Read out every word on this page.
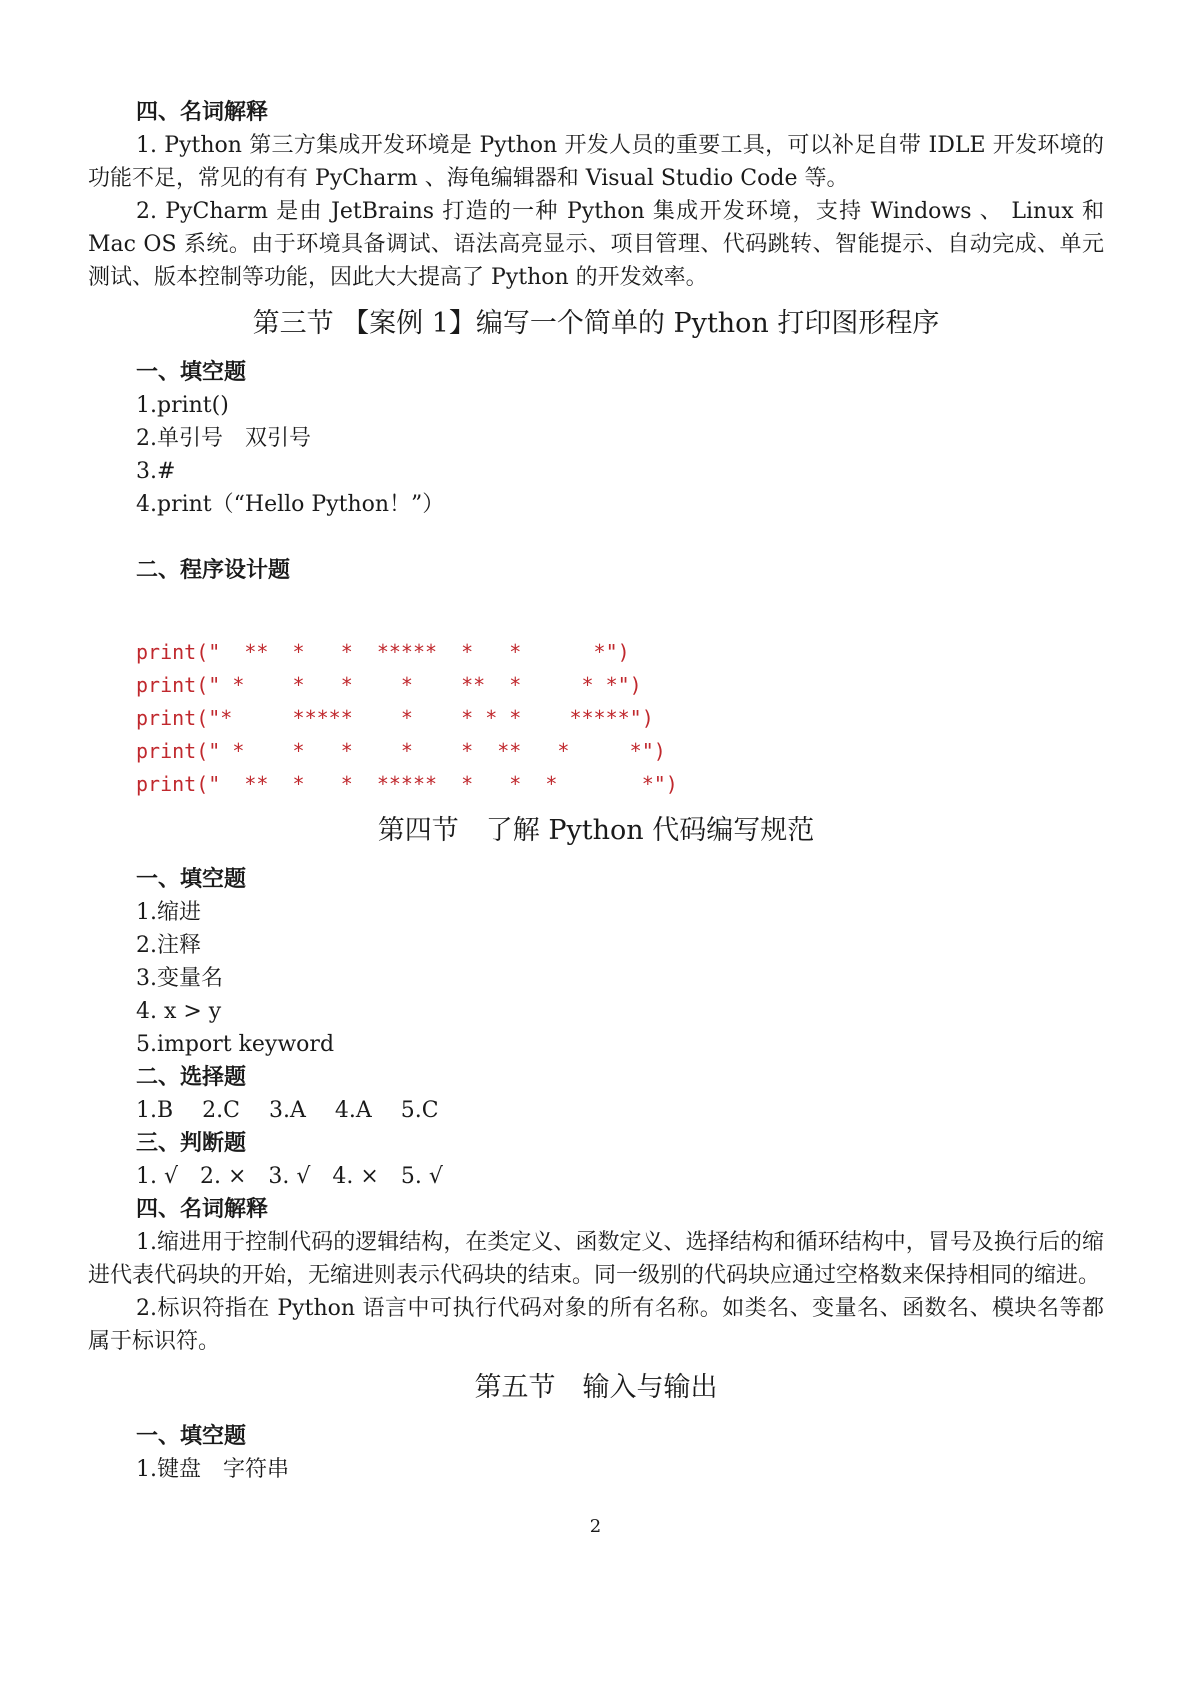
四、名词解释

1. Python 第三方集成开发环境是 Python 开发人员的重要工具，可以补足自带 IDLE 开发环境的功能不足，常见的有有 PyCharm 、海龟编辑器和 Visual Studio Code 等。

2. PyCharm 是由 JetBrains 打造的一种 Python 集成开发环境，支持 Windows 、 Linux 和 Mac OS 系统。由于环境具备调试、语法高亮显示、项目管理、代码跳转、智能提示、自动完成、单元测试、版本控制等功能，因此大大提高了 Python 的开发效率。

第三节 【案例 1】编写一个简单的 Python 打印图形程序

一、填空题

1.print()

2.单引号　双引号

3.#

4.print（“Hello Python！”）

二、程序设计题

print("  **  *   *  *****  *   *      *")

print(" *    *   *    *    **  *     * *")

print("*     *****    *    * * *    *****")

print(" *    *   *    *    *  **   *     *")

print("  **  *   *  *****  *   *  *       *")

第四节　了解 Python 代码编写规范

一、填空题

1.缩进

2.注释

3.变量名

4. x > y

5.import keyword

二、选择题

1.B　 2.C　 3.A　 4.A　 5.C

三、判断题

1. √　2. ×　3. √　4. ×　5. √

四、名词解释

1.缩进用于控制代码的逻辑结构，在类定义、函数定义、选择结构和循环结构中，冒号及换行后的缩进代表代码块的开始，无缩进则表示代码块的结束。同一级别的代码块应通过空格数来保持相同的缩进。

2.标识符指在 Python 语言中可执行代码对象的所有名称。如类名、变量名、函数名、模块名等都属于标识符。

第五节　输入与输出

一、填空题

1.键盘　字符串

2
